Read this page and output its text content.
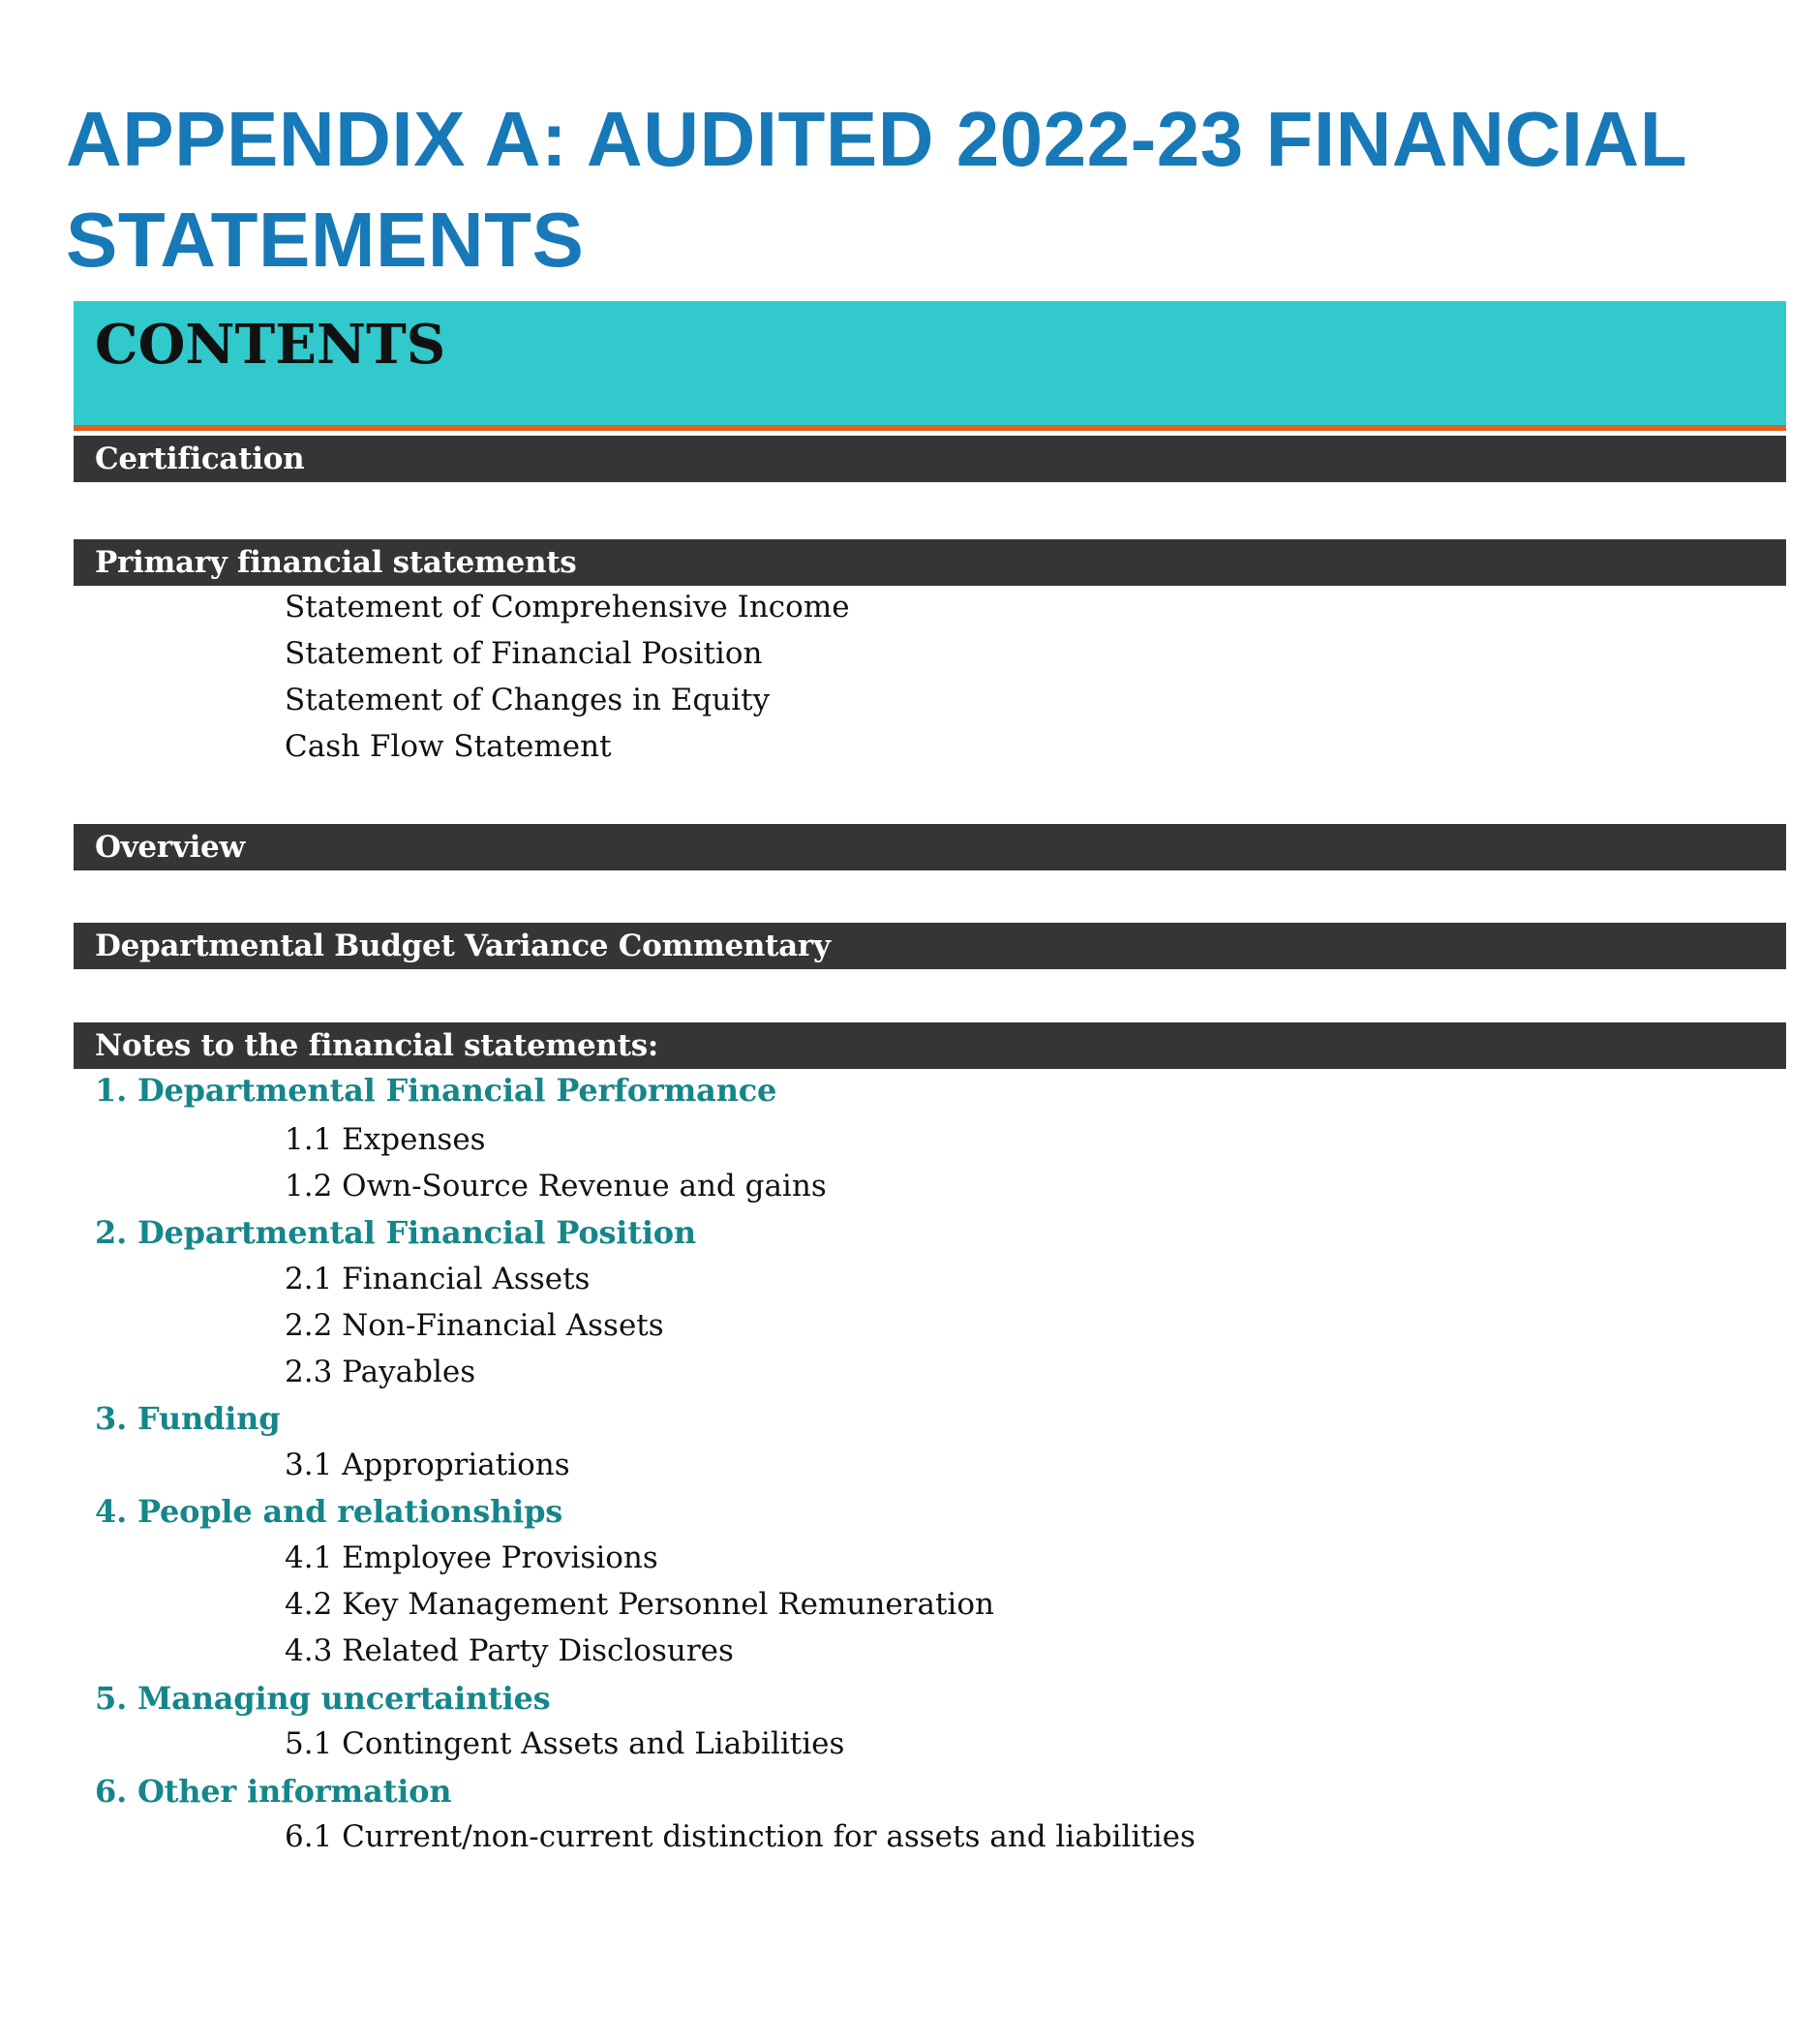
APPENDIX A: AUDITED 2022-23 FINANCIAL STATEMENTS
CONTENTS
Certification
Primary financial statements
Statement of Comprehensive Income
Statement of Financial Position
Statement of Changes in Equity
Cash Flow Statement
Overview
Departmental Budget Variance Commentary
Notes to the financial statements:
1. Departmental Financial Performance
1.1 Expenses
1.2 Own-Source Revenue and gains
2. Departmental Financial Position
2.1 Financial Assets
2.2 Non-Financial Assets
2.3 Payables
3. Funding
3.1 Appropriations
4. People and relationships
4.1 Employee Provisions
4.2 Key Management Personnel Remuneration
4.3 Related Party Disclosures
5. Managing uncertainties
5.1 Contingent Assets and Liabilities
6. Other information
6.1 Current/non-current distinction for assets and liabilities
